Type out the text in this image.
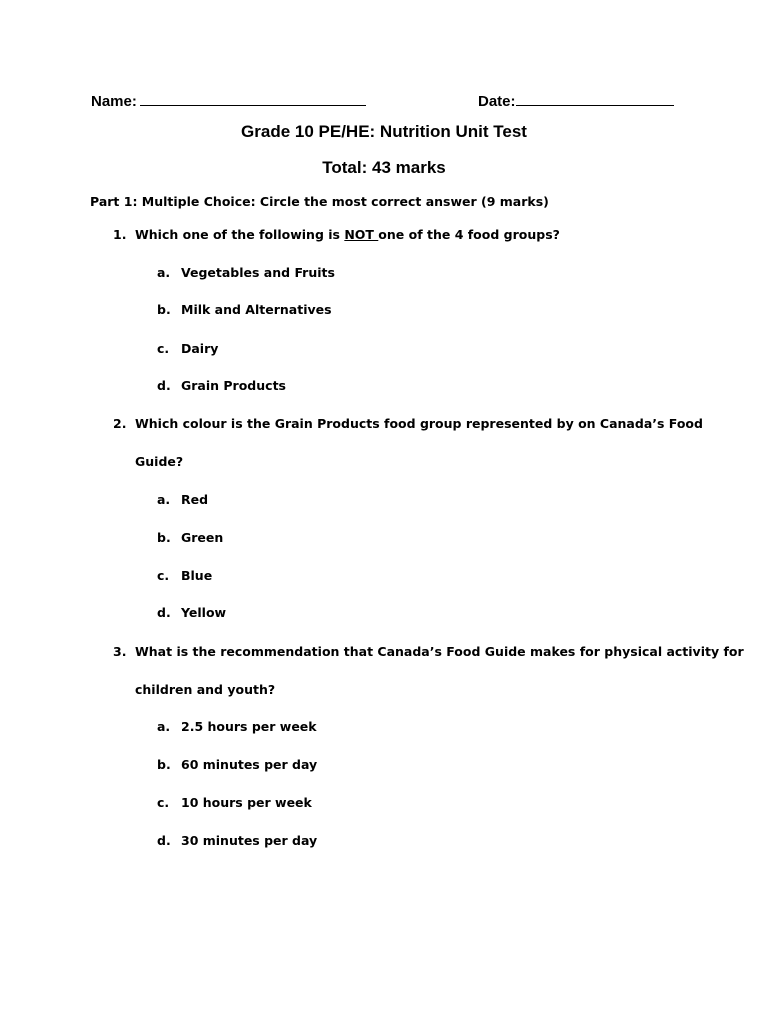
Name:	Date:
Grade 10 PE/HE: Nutrition Unit Test
Total: 43 marks
Part 1: Multiple Choice: Circle the most correct answer (9 marks)
1. Which one of the following is NOT one of the 4 food groups?
a. Vegetables and Fruits
b. Milk and Alternatives
c. Dairy
d. Grain Products
2. Which colour is the Grain Products food group represented by on Canada’s Food
Guide?
a. Red
b. Green
c. Blue
d. Yellow
3. What is the recommendation that Canada’s Food Guide makes for physical activity for
children and youth?
a. 2.5 hours per week
b. 60 minutes per day
c. 10 hours per week
d. 30 minutes per day
